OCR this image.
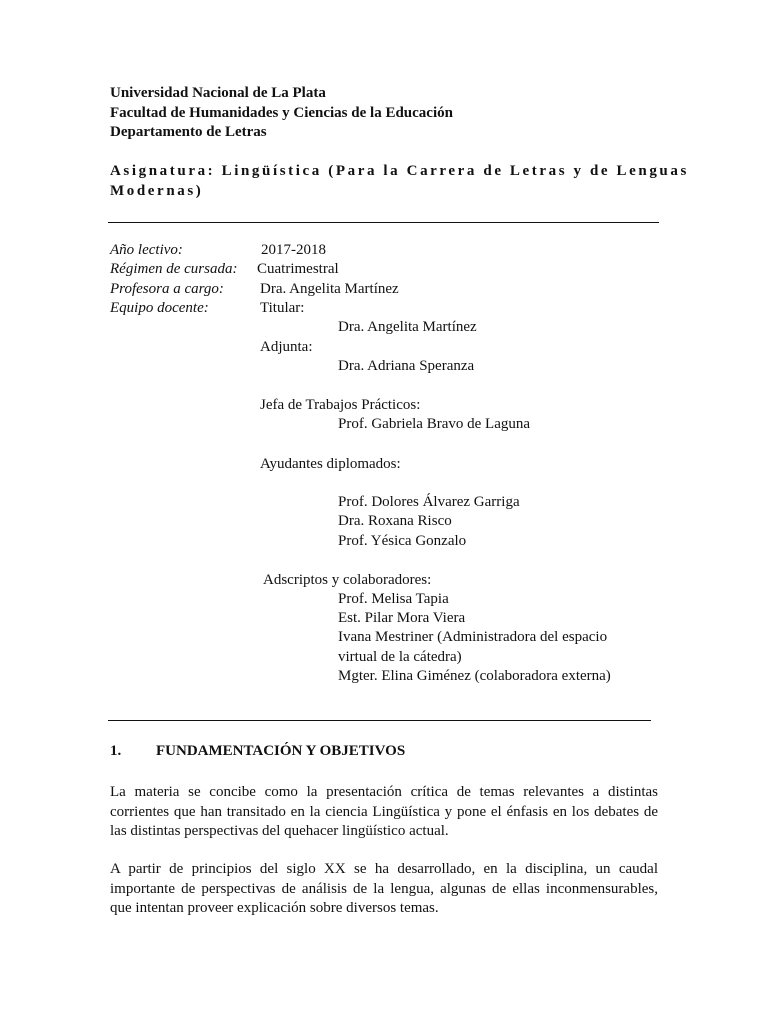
Universidad Nacional de La Plata
Facultad de Humanidades y Ciencias de la Educación
Departamento de Letras
Asignatura: Lingüística (Para la Carrera de Letras y de Lenguas
Modernas)
Año lectivo:	2017-2018
Régimen de cursada: Cuatrimestral
Profesora a cargo: Dra. Angelita Martínez
Equipo docente:	Titular:
Dra. Angelita Martínez
Adjunta:
Dra. Adriana Speranza
Jefa de Trabajos Prácticos:
Prof. Gabriela Bravo de Laguna
Ayudantes diplomados:
Prof. Dolores Álvarez Garriga
Dra. Roxana Risco
Prof. Yésica Gonzalo
Adscriptos y colaboradores:
Prof. Melisa Tapia
Est. Pilar Mora Viera
Ivana Mestriner (Administradora del espacio
virtual de la cátedra)
Mgter. Elina Giménez (colaboradora externa)
1. FUNDAMENTACIÓN Y OBJETIVOS
La materia se concibe como la presentación crítica de temas relevantes a distintas
corrientes que han transitado en la ciencia Lingüística y pone el énfasis en los debates de
las distintas perspectivas del quehacer lingüístico actual.
A partir de principios del siglo XX se ha desarrollado, en la disciplina, un caudal
importante de perspectivas de análisis de la lengua, algunas de ellas inconmensurables,
que intentan proveer explicación sobre diversos temas.
